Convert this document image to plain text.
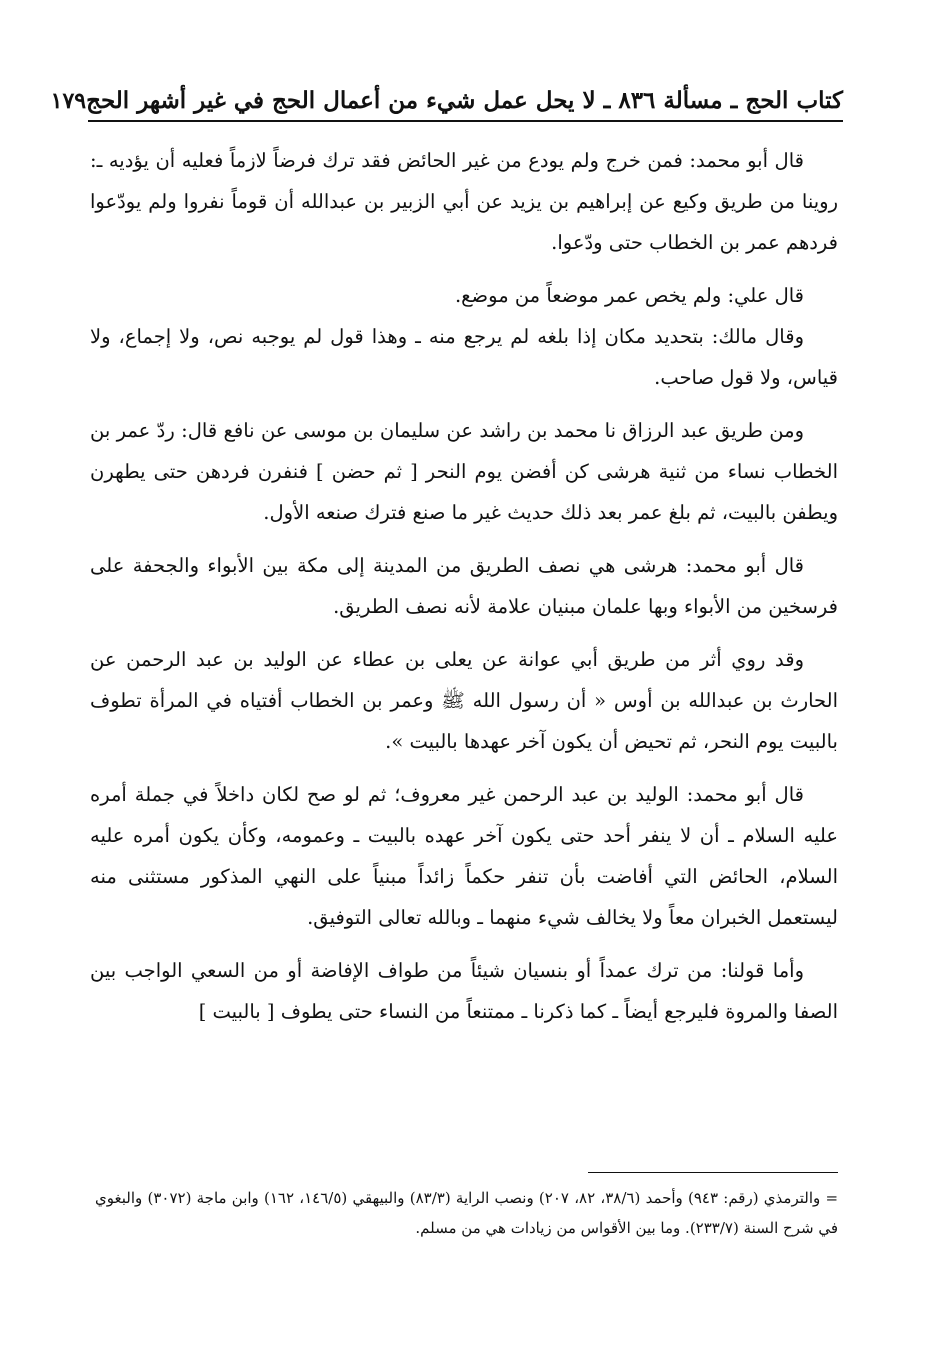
كتاب الحج ـ مسألة ٨٣٦ ـ لا يحل عمل شيء من أعمال الحج في غير أشهر الحج
١٧٩

قال أبو محمد: فمن خرج ولم يودع من غير الحائض فقد ترك فرضاً لازماً فعليه أن يؤديه ـ: روينا من طريق وكيع عن إبراهيم بن يزيد عن أبي الزبير بن عبدالله أن قوماً نفروا ولم يودّعوا فردهم عمر بن الخطاب حتى ودّعوا.

قال علي: ولم يخص عمر موضعاً من موضع.

وقال مالك: بتحديد مكان إذا بلغه لم يرجع منه ـ وهذا قول لم يوجبه نص، ولا إجماع، ولا قياس، ولا قول صاحب.

ومن طريق عبد الرزاق نا محمد بن راشد عن سليمان بن موسى عن نافع قال: ردّ عمر بن الخطاب نساء من ثنية هرشى كن أفضن يوم النحر [ ثم حضن ] فنفرن فردهن حتى يطهرن ويطفن بالبيت، ثم بلغ عمر بعد ذلك حديث غير ما صنع فترك صنعه الأول.

قال أبو محمد: هرشى هي نصف الطريق من المدينة إلى مكة بين الأبواء والجحفة على فرسخين من الأبواء وبها علمان مبنيان علامة لأنه نصف الطريق.

وقد روي أثر من طريق أبي عوانة عن يعلى بن عطاء عن الوليد بن عبد الرحمن عن الحارث بن عبدالله بن أوس « أن رسول الله ﷺ وعمر بن الخطاب أفتياه في المرأة تطوف بالبيت يوم النحر، ثم تحيض أن يكون آخر عهدها بالبيت ».

قال أبو محمد: الوليد بن عبد الرحمن غير معروف؛ ثم لو صح لكان داخلاً في جملة أمره عليه السلام ـ أن لا ينفر أحد حتى يكون آخر عهده بالبيت ـ وعمومه، وكأن يكون أمره عليه السلام، الحائض التي أفاضت بأن تنفر حكماً زائداً مبنياً على النهي المذكور مستثنى منه ليستعمل الخبران معاً ولا يخالف شيء منهما ـ وبالله تعالى التوفيق.

وأما قولنا: من ترك عمداً أو بنسيان شيئاً من طواف الإفاضة أو من السعي الواجب بين الصفا والمروة فليرجع أيضاً ـ كما ذكرنا ـ ممتنعاً من النساء حتى يطوف [ بالبيت ]

= والترمذي (رقم: ٩٤٣) وأحمد (٣٨/٦، ٨٢، ٢٠٧) ونصب الراية (٨٣/٣) والبيهقي (١٤٦/٥، ١٦٢) وابن ماجة (٣٠٧٢) والبغوي في شرح السنة (٢٣٣/٧). وما بين الأقواس من زيادات هي من مسلم.
